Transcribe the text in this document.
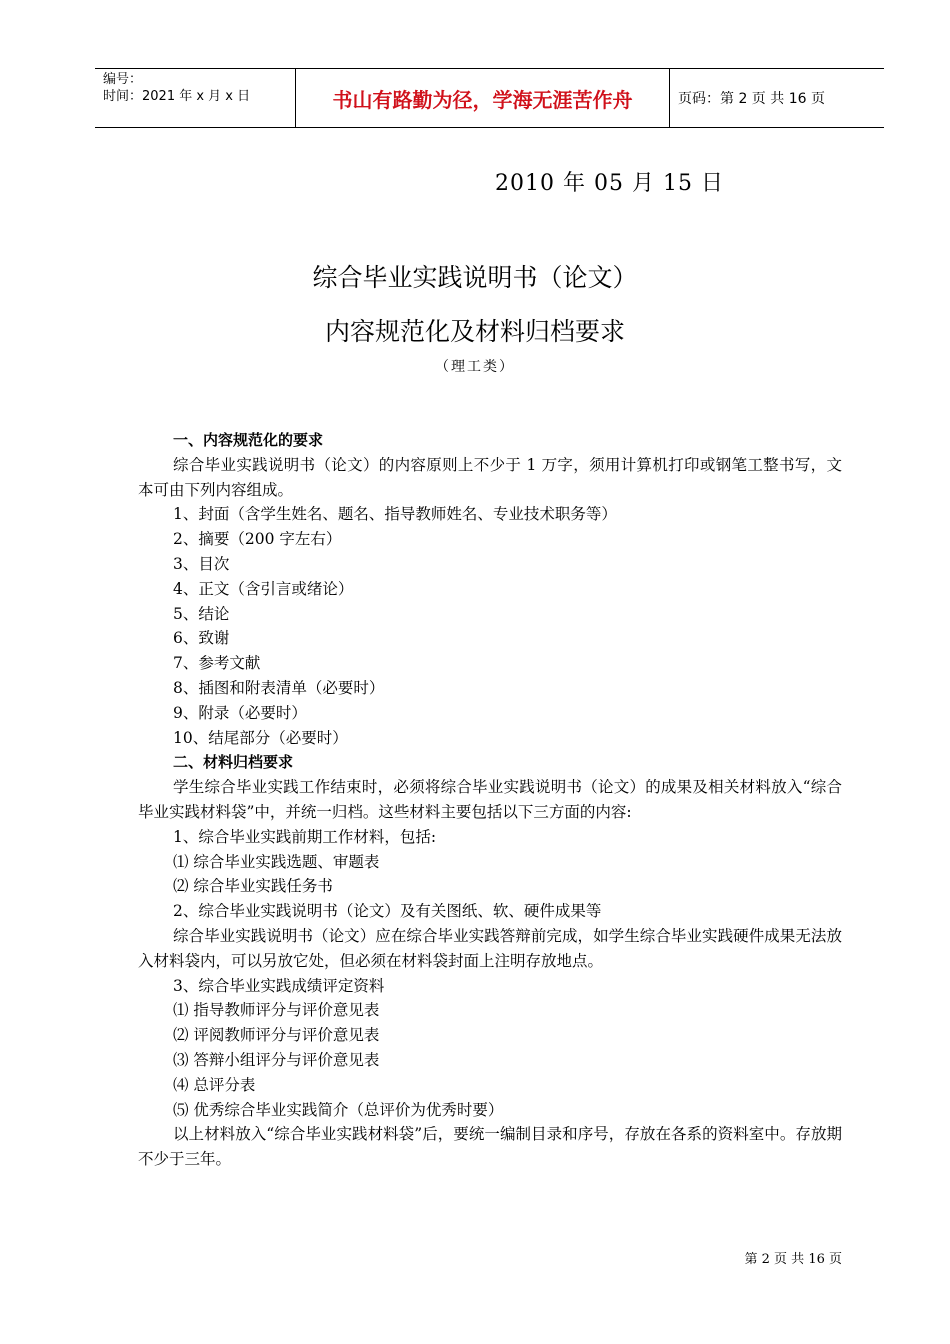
编号：
时间：2021 年 x 月 x 日	书山有路勤为径，学海无涯苦作舟	页码：第 2 页 共 16 页
2010 年 05 月 15 日
综合毕业实践说明书（论文）
内容规范化及材料归档要求
（理工类）

一、内容规范化的要求

综合毕业实践说明书（论文）的内容原则上不少于 1 万字，须用计算机打印或钢笔工整书写，文本可由下列内容组成。

1、封面（含学生姓名、题名、指导教师姓名、专业技术职务等）

2、摘要（200 字左右）

3、目次

4、正文（含引言或绪论）

5、结论

6、致谢

7、参考文献

8、插图和附表清单（必要时）

9、附录（必要时）

10、结尾部分（必要时）

二、材料归档要求

学生综合毕业实践工作结束时，必须将综合毕业实践说明书（论文）的成果及相关材料放入“综合毕业实践材料袋”中，并统一归档。这些材料主要包括以下三方面的内容:

1、综合毕业实践前期工作材料，包括:

⑴ 综合毕业实践选题、审题表

⑵ 综合毕业实践任务书

2、综合毕业实践说明书（论文）及有关图纸、软、硬件成果等

综合毕业实践说明书（论文）应在综合毕业实践答辩前完成，如学生综合毕业实践硬件成果无法放入材料袋内，可以另放它处，但必须在材料袋封面上注明存放地点。

3、综合毕业实践成绩评定资料

⑴ 指导教师评分与评价意见表

⑵ 评阅教师评分与评价意见表

⑶ 答辩小组评分与评价意见表

⑷ 总评分表

⑸ 优秀综合毕业实践简介（总评价为优秀时要）

以上材料放入“综合毕业实践材料袋”后，要统一编制目录和序号，存放在各系的资料室中。存放期不少于三年。

第 2 页 共 16 页
